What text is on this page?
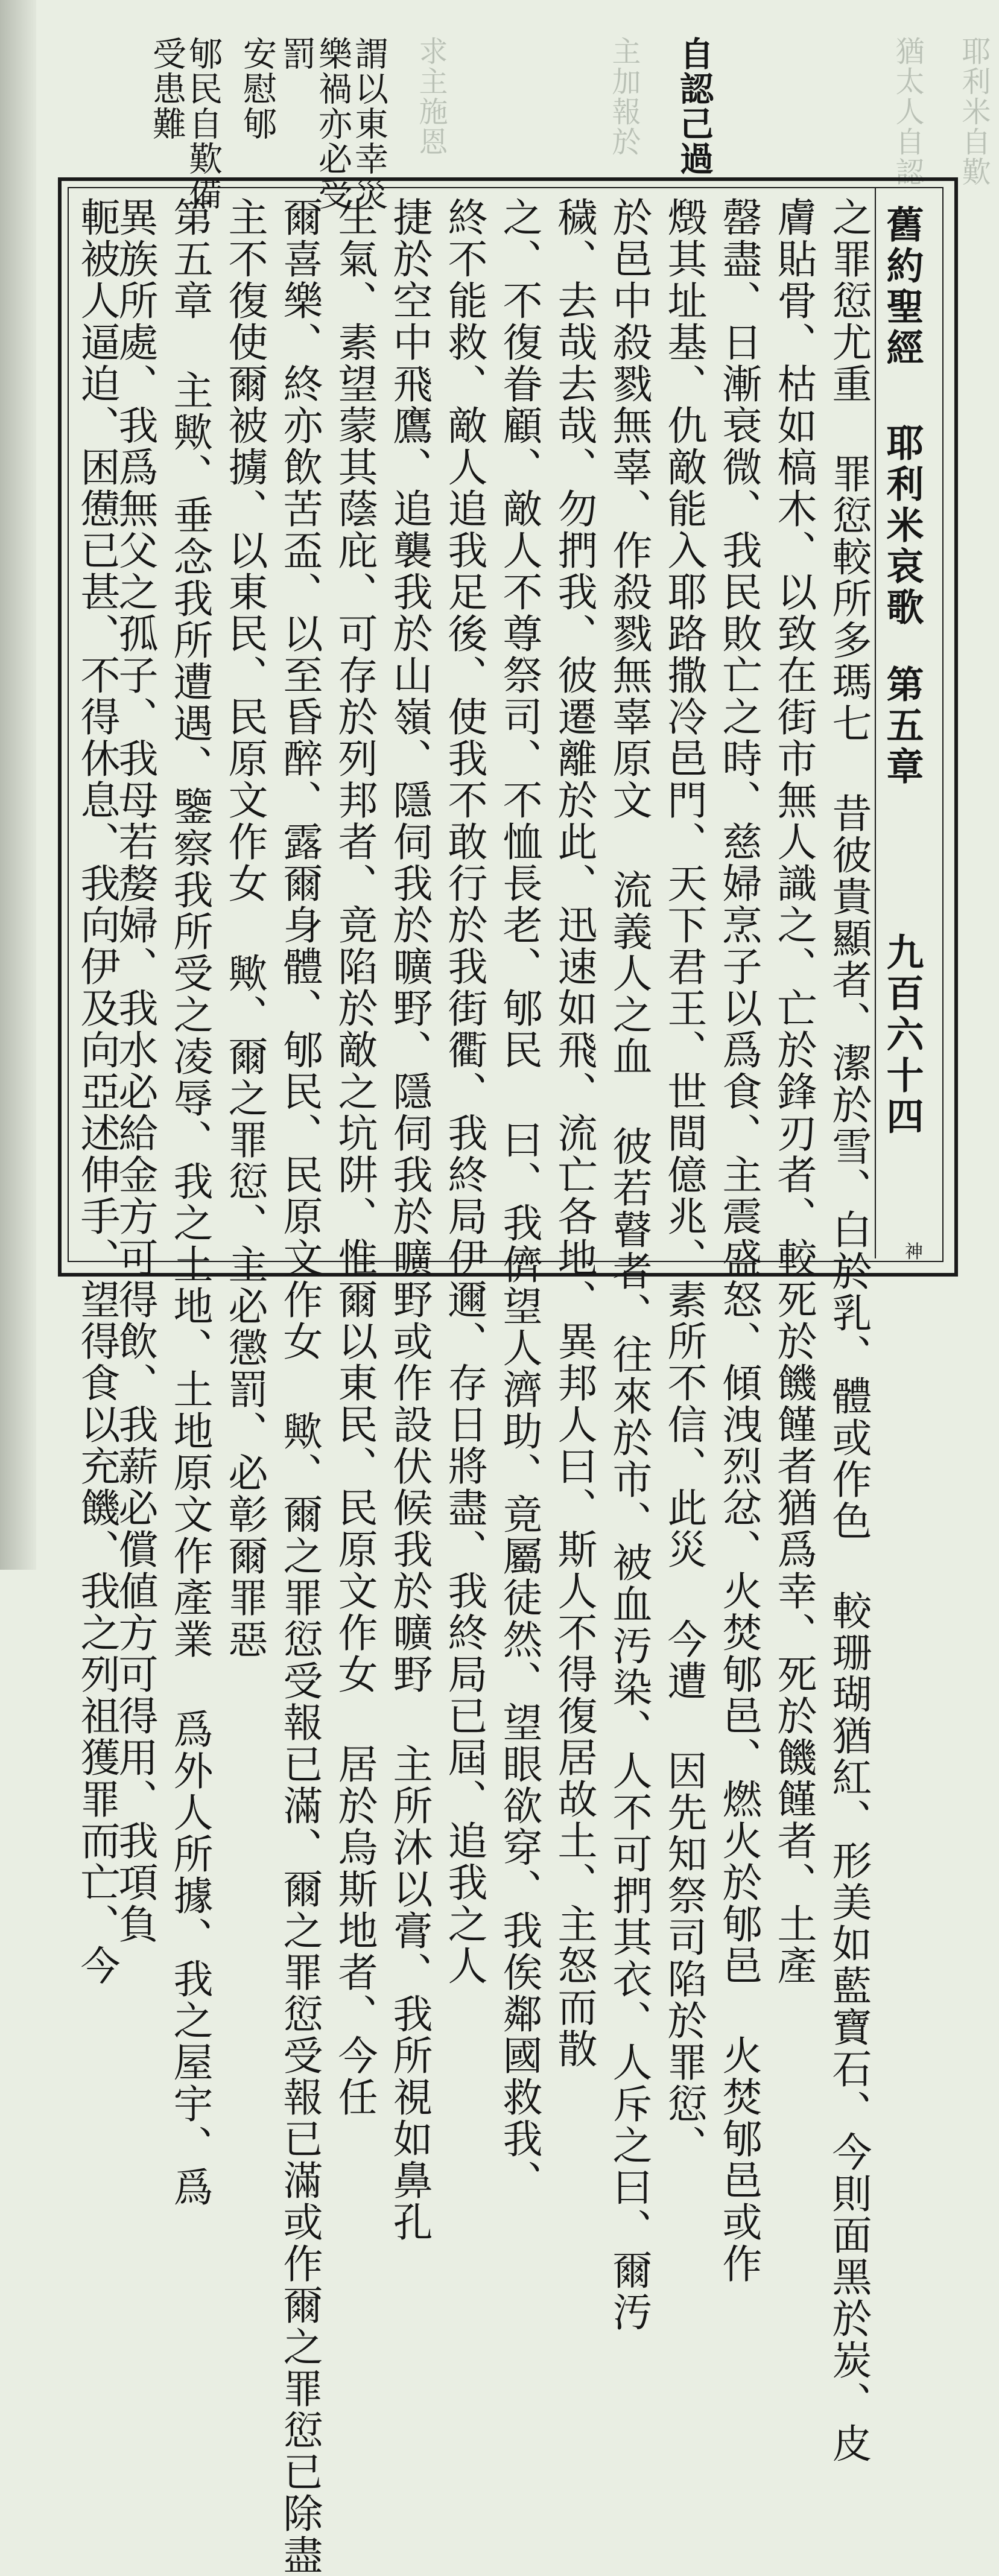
耶利米自歎
猶太人自認
主加報於
求主施恩	自認己過
謂以東幸災
樂禍亦必受
罰
安慰郇
郇民自歎備
受患難
舊約聖經耶利米哀歌第五章九百六十四
神
之罪愆尤重 罪愆較所多瑪七 昔彼貴顯者、潔於雪、白於乳、體或作色 較珊瑚猶紅、形美如藍寶石、今則面黑於炭、皮
膚貼骨、枯如槁木、以致在街市無人識之、亡於鋒刃者、較死於饑饉者猶爲幸、死於饑饉者、土產
罄盡、日漸衰微、我民敗亡之時、慈婦烹子以爲食、主震盛怒、傾洩烈忿、火焚郇邑、燃火於郇邑 火焚郇邑或作
燬其址基、仇敵能入耶路撒冷邑門、天下君王、世間億兆、素所不信、此災 今遭 因先知祭司陷於罪愆、
於邑中殺戮無辜、作殺戮無辜原文 流義人之血 彼若瞽者、往來於市、被血汚染、人不可捫其衣、人斥之曰、爾汚
穢、去哉去哉、勿捫我、彼遷離於此、迅速如飛、流亡各地、異邦人曰、斯人不得復居故土、主怒而散
之、不復眷顧、敵人不尊祭司、不恤長老、郇民 曰、我儕望人濟助、竟屬徒然、望眼欲穿、我俟鄰國救我、
終不能救、敵人追我足後、使我不敢行於我街衢、我終局伊邇、存日將盡、我終局已屆、追我之人
捷於空中飛鷹、追襲我於山嶺、隱伺我於曠野、隱伺我於曠野或作設伏候我於曠野 主所沐以膏、我所視如鼻孔
生氣、素望蒙其蔭庇、可存於列邦者、竟陷於敵之坑阱、惟爾以東民、民原文作女 居於烏斯地者、今任
爾喜樂、終亦飲苦盃、以至昏醉、露爾身體、郇民、民原文作女 歟、爾之罪愆受報已滿、爾之罪愆受報已滿或作爾之罪愆已除盡
主不復使爾被擄、以東民、民原文作女 歟、爾之罪愆、主必懲罰、必彰爾罪惡
第五章 主歟、垂念我所遭遇、鑒察我所受之凌辱、我之土地、土地原文作產業 爲外人所據、我之屋宇、爲
異族所處、我爲無父之孤子、我母若嫠婦、我水必給金方可得飲、我薪必償値方可得用、我項負
軛被人逼迫、困憊已甚、不得休息、我向伊及向亞述伸手、望得食以充饑、我之列祖獲罪而亡、今
